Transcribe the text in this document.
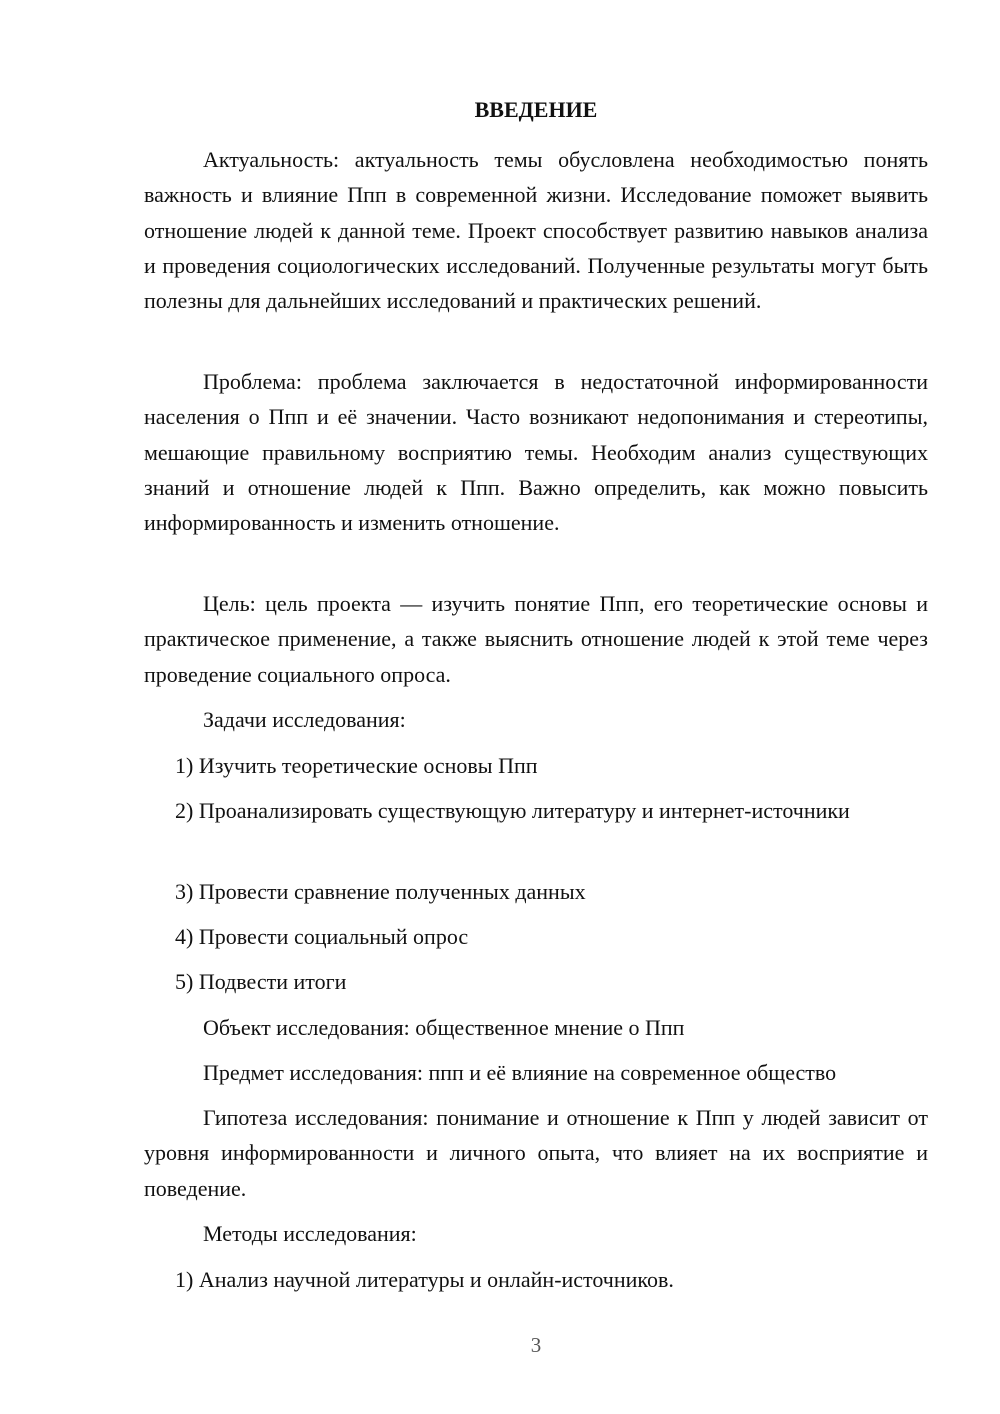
ВВЕДЕНИЕ

Актуальность: актуальность темы обусловлена необходимостью понять важность и влияние Ппп в современной жизни. Исследование поможет выявить отношение людей к данной теме. Проект способствует развитию навыков анализа и проведения социологических исследований. Полученные результаты могут быть полезны для дальнейших исследований и практических решений.

Проблема: проблема заключается в недостаточной информированности населения о Ппп и её значении. Часто возникают недопонимания и стереотипы, мешающие правильному восприятию темы. Необходим анализ существующих знаний и отношение людей к Ппп. Важно определить, как можно повысить информированность и изменить отношение.

Цель: цель проекта — изучить понятие Ппп, его теоретические основы и практическое применение, а также выяснить отношение людей к этой теме через проведение социального опроса.

Задачи исследования:

1) Изучить теоретические основы Ппп

2) Проанализировать существующую литературу и интернет-источники

3) Провести сравнение полученных данных

4) Провести социальный опрос

5) Подвести итоги

Объект исследования: общественное мнение о Ппп

Предмет исследования: ппп и её влияние на современное общество

Гипотеза исследования: понимание и отношение к Ппп у людей зависит от уровня информированности и личного опыта, что влияет на их восприятие и поведение.

Методы исследования:

1) Анализ научной литературы и онлайн-источников.

3
